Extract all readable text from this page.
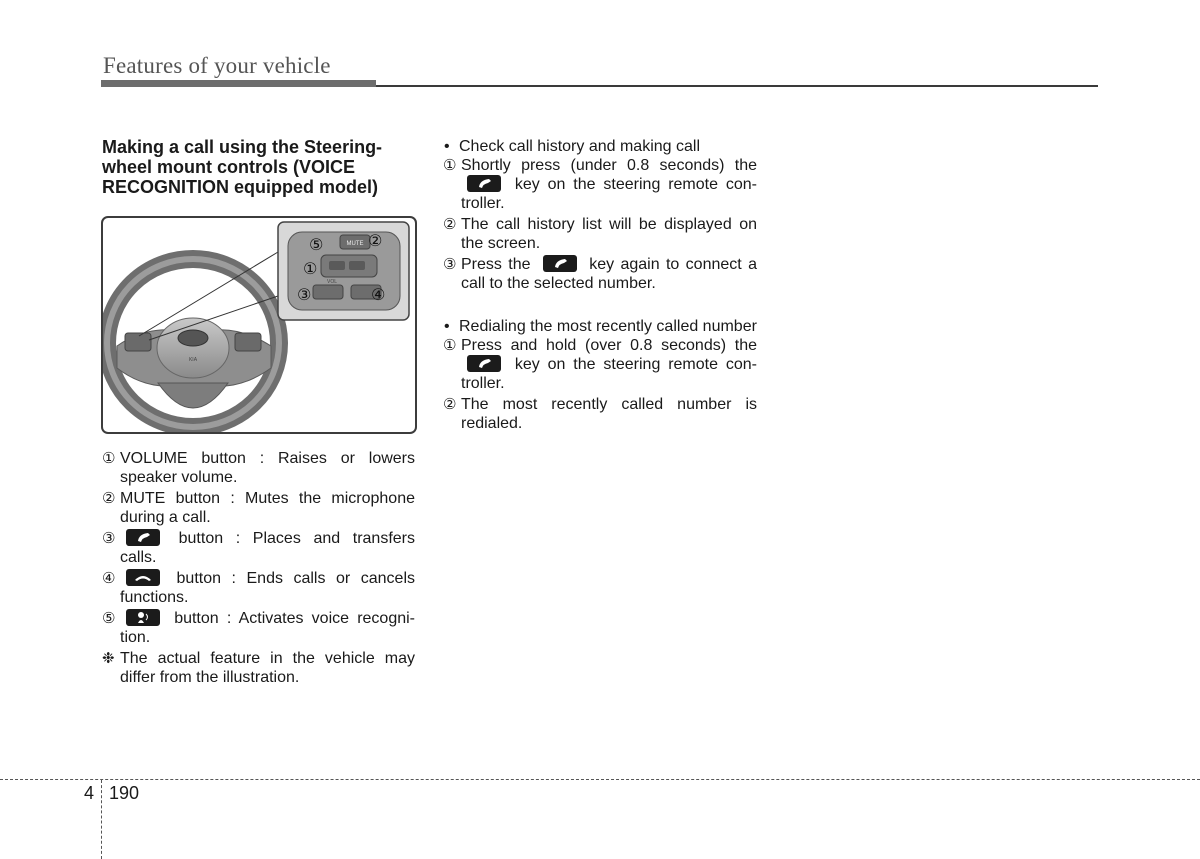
Features of your vehicle
Making a call using the Steering-wheel mount controls (VOICE RECOGNITION equipped model)
KIA
MUTE
VOL
⑤	②
①
③	④
① VOLUME button : Raises or lowers speaker volume.
② MUTE button : Mutes the microphone during a call.
③	button : Places and transfers calls.
④	button : Ends calls or cancels functions.
⑤	button : Activates voice recogni-tion.
❉ The actual feature in the vehicle may differ from the illustration.
• Check call history and making call
① Shortly press (under 0.8 seconds) the
key on the steering remote con-troller.
② The call history list will be displayed on the screen.
③ Press the	key again to connect a call to the selected number.
• Redialing the most recently called number
① Press and hold (over 0.8 seconds) the
key on the steering remote con-troller.
② The most recently called number is redialed.
4 190
